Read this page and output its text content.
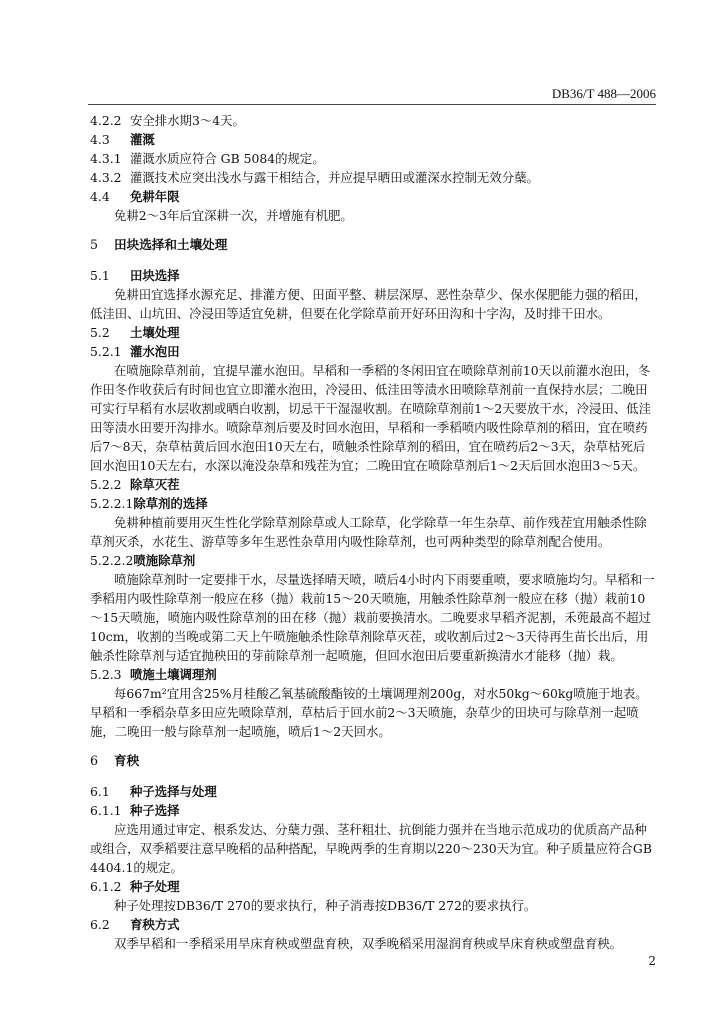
DB36/T 488—2006

4.2.2 安全排水期3～4天。

4.3 灌溉

4.3.1 灌溉水质应符合 GB 5084的规定。

4.3.2 灌溉技术应突出浅水与露干相结合，并应提早晒田或灌深水控制无效分蘖。

4.4 免耕年限

免耕2～3年后宜深耕一次，并增施有机肥。

5 田块选择和土壤处理

5.1 田块选择

免耕田宜选择水源充足、排灌方便、田面平整、耕层深厚、恶性杂草少、保水保肥能力强的稻田，低洼田、山坑田、冷浸田等适宜免耕，但要在化学除草前开好环田沟和十字沟，及时排干田水。

5.2 土壤处理

5.2.1 灌水泡田

在喷施除草剂前，宜提早灌水泡田。早稻和一季稻的冬闲田宜在喷除草剂前10天以前灌水泡田，冬作田冬作收获后有时间也宜立即灌水泡田，冷浸田、低洼田等渍水田喷除草剂前一直保持水层；二晚田可实行早稻有水层收割或晒白收割，切忌干干湿湿收割。在喷除草剂前1～2天要放干水，冷浸田、低洼田等渍水田要开沟排水。喷除草剂后要及时回水泡田，早稻和一季稻喷内吸性除草剂的稻田，宜在喷药后7～8天，杂草枯黄后回水泡田10天左右，喷触杀性除草剂的稻田，宜在喷药后2～3天，杂草枯死后回水泡田10天左右，水深以淹没杂草和残茬为宜；二晚田宜在喷除草剂后1～2天后回水泡田3～5天。

5.2.2 除草灭茬

5.2.2.1除草剂的选择

免耕种植前要用灭生性化学除草剂除草或人工除草，化学除草一年生杂草、前作残茬宜用触杀性除草剂灭杀，水花生、游草等多年生恶性杂草用内吸性除草剂，也可两种类型的除草剂配合使用。

5.2.2.2喷施除草剂

喷施除草剂时一定要排干水，尽量选择晴天喷，喷后4小时内下雨要重喷，要求喷施均匀。早稻和一季稻用内吸性除草剂一般应在移（抛）栽前15～20天喷施，用触杀性除草剂一般应在移（抛）栽前10～15天喷施，喷施内吸性除草剂的田在移（抛）栽前要换清水。二晚要求早稻齐泥割，禾蔸最高不超过10cm，收割的当晚或第二天上午喷施触杀性除草剂除草灭茬，或收割后过2～3天待再生苗长出后，用触杀性除草剂与适宜抛秧田的芽前除草剂一起喷施，但回水泡田后要重新换清水才能移（抛）栽。

5.2.3 喷施土壤调理剂

每667m²宜用含25%月桂酸乙氧基硫酸酯铵的土壤调理剂200g，对水50kg～60kg喷施于地表。早稻和一季稻杂草多田应先喷除草剂，草枯后于回水前2～3天喷施，杂草少的田块可与除草剂一起喷施，二晚田一般与除草剂一起喷施，喷后1～2天回水。

6 育秧

6.1 种子选择与处理

6.1.1 种子选择

应选用通过审定、根系发达、分蘖力强、茎秆粗壮、抗倒能力强并在当地示范成功的优质高产品种或组合，双季稻要注意早晚稻的品种搭配，早晚两季的生育期以220～230天为宜。种子质量应符合GB 4404.1的规定。

6.1.2 种子处理

种子处理按DB36/T 270的要求执行，种子消毒按DB36/T 272的要求执行。

6.2 育秧方式

双季早稻和一季稻采用旱床育秧或塑盘育秧，双季晚稻采用湿润育秧或旱床育秧或塑盘育秧。

2
